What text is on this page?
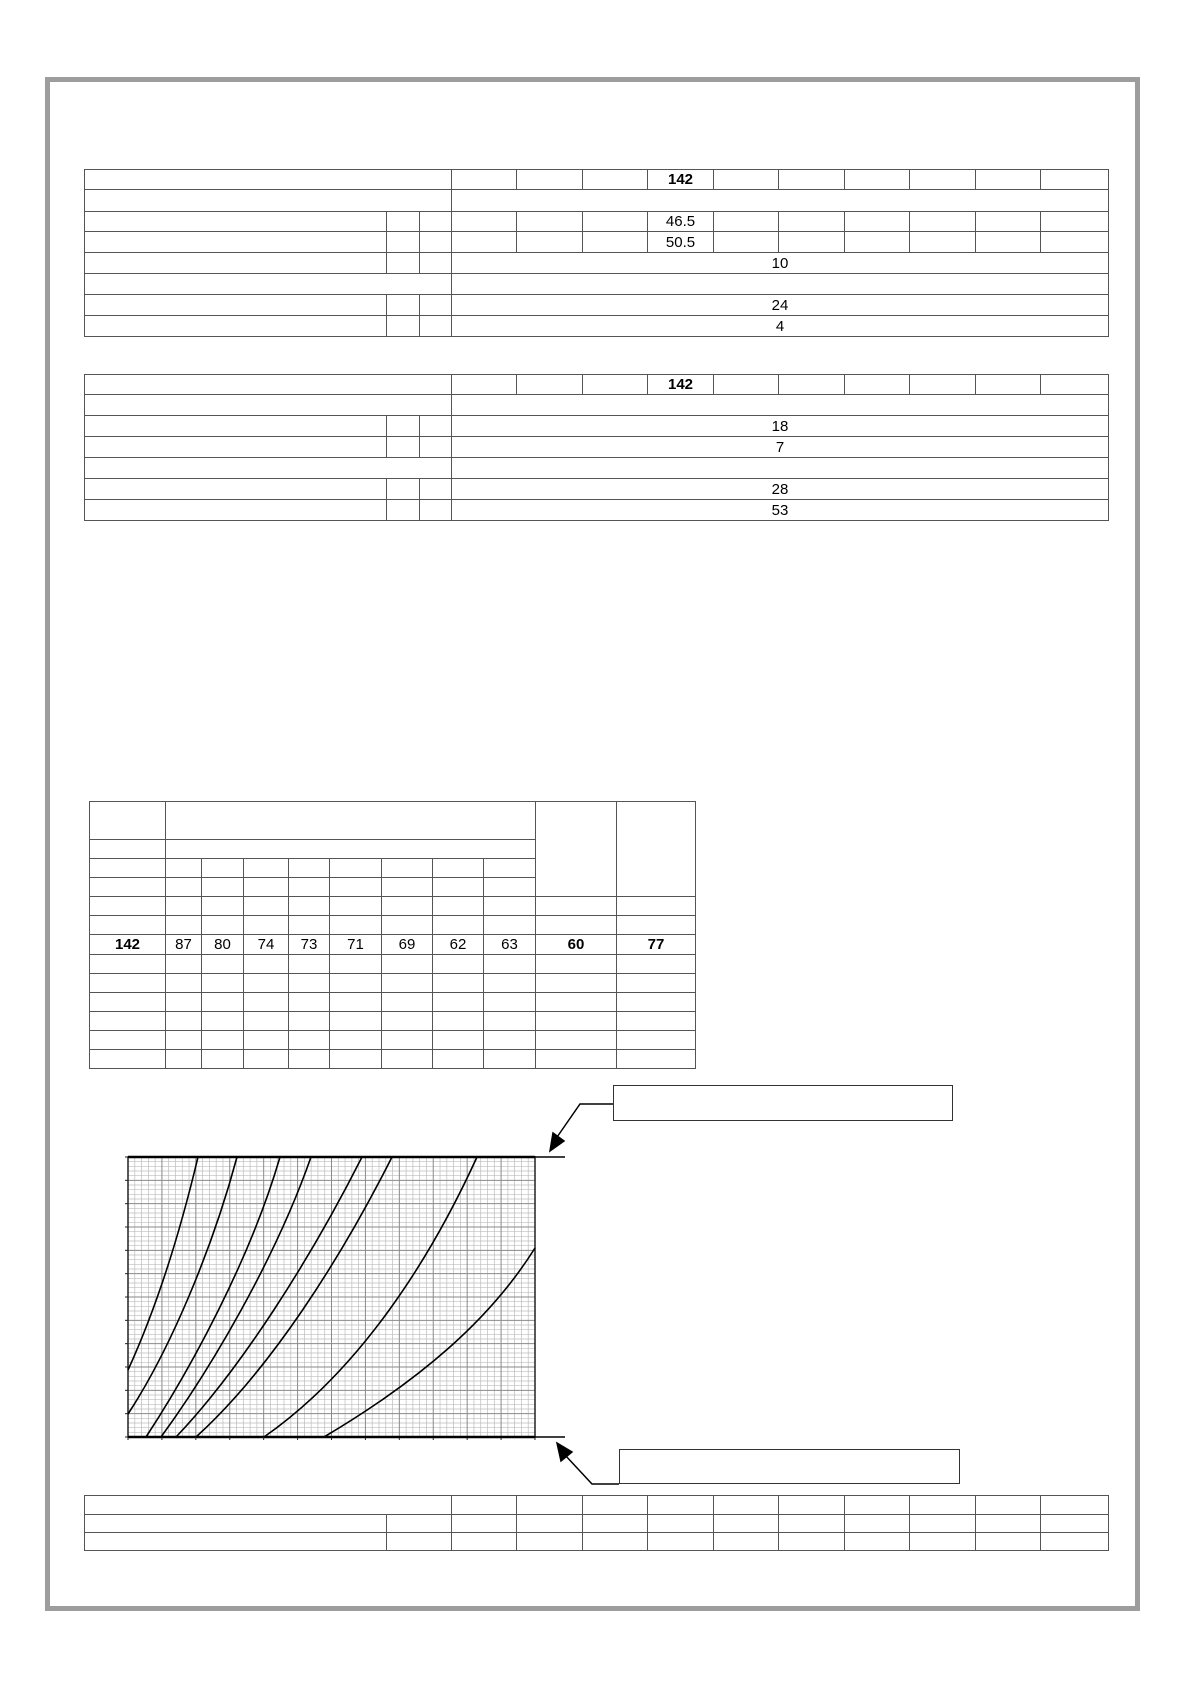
						142						

						46.5						
						50.5						
			10									

			24									
			4									
						142						

			18									
			7									

			28									
			53									

142	87	80	74	73	71	69	62	63	60	77
